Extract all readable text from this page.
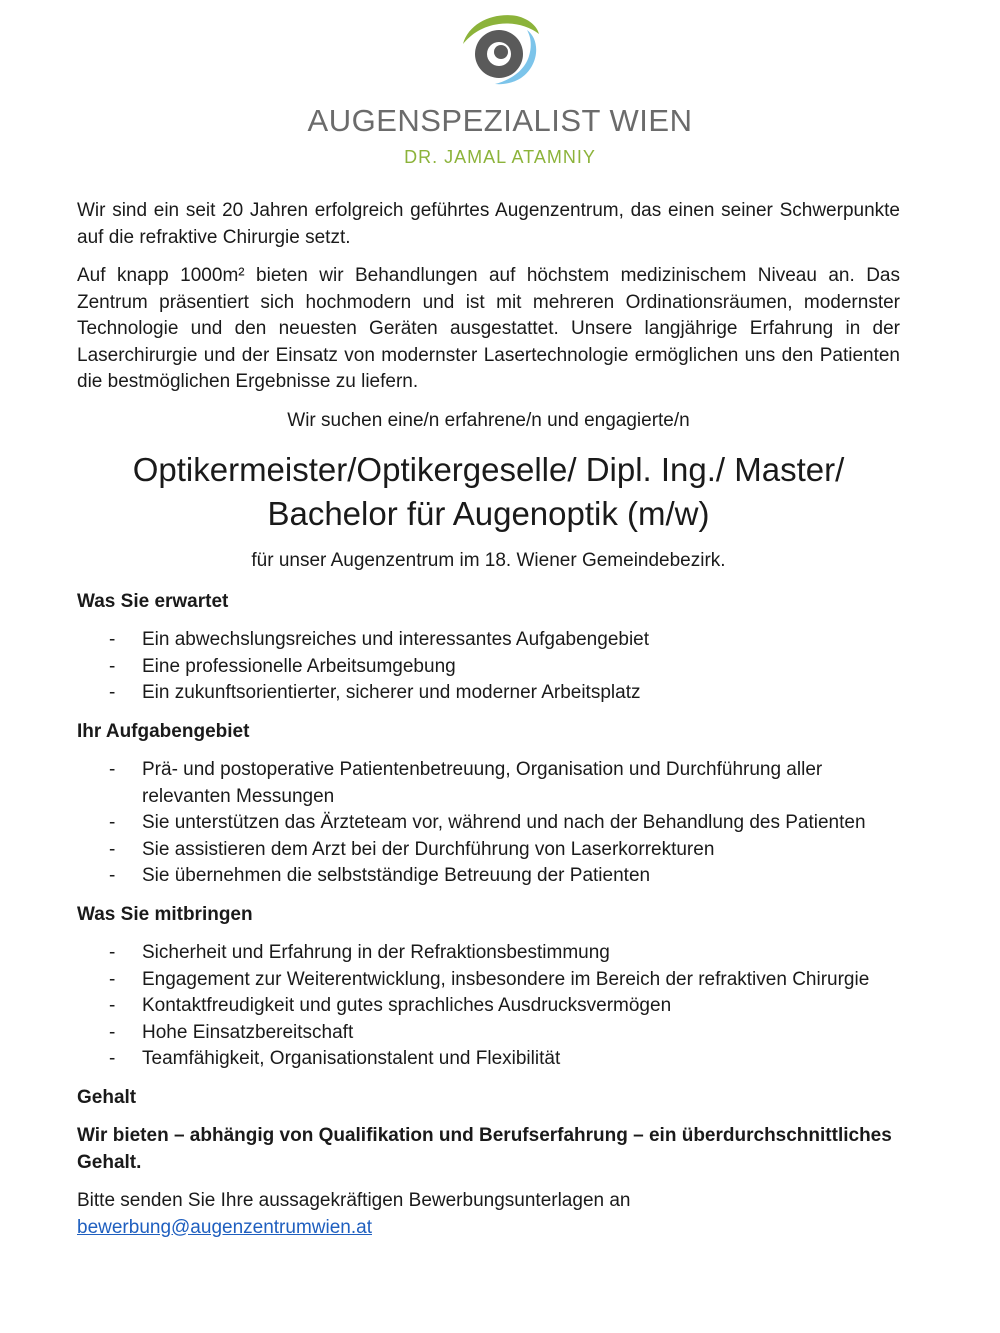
AUGENSPEZIALIST WIEN
DR. JAMAL ATAMNIY

Wir sind ein seit 20 Jahren erfolgreich geführtes Augenzentrum, das einen seiner Schwerpunkte auf die refraktive Chirurgie setzt.

Auf knapp 1000m² bieten wir Behandlungen auf höchstem medizinischem Niveau an. Das Zentrum präsentiert sich hochmodern und ist mit mehreren Ordinationsräumen, modernster Technologie und den neuesten Geräten ausgestattet. Unsere langjährige Erfahrung in der Laserchirurgie und der Einsatz von modernster Lasertechnologie ermöglichen uns den Patienten die bestmöglichen Ergebnisse zu liefern.

Wir suchen eine/n erfahrene/n und engagierte/n

Optikermeister/Optikergeselle/ Dipl. Ing./ Master/
Bachelor für Augenoptik (m/w)

für unser Augenzentrum im 18. Wiener Gemeindebezirk.

Was Sie erwartet
- Ein abwechslungsreiches und interessantes Aufgabengebiet
- Eine professionelle Arbeitsumgebung
- Ein zukunftsorientierter, sicherer und moderner Arbeitsplatz
Ihr Aufgabengebiet
- Prä- und postoperative Patientenbetreuung, Organisation und Durchführung aller relevanten Messungen
- Sie unterstützen das Ärzteteam vor, während und nach der Behandlung des Patienten
- Sie assistieren dem Arzt bei der Durchführung von Laserkorrekturen
- Sie übernehmen die selbstständige Betreuung der Patienten
Was Sie mitbringen
- Sicherheit und Erfahrung in der Refraktionsbestimmung
- Engagement zur Weiterentwicklung, insbesondere im Bereich der refraktiven Chirurgie
- Kontaktfreudigkeit und gutes sprachliches Ausdrucksvermögen
- Hohe Einsatzbereitschaft
- Teamfähigkeit, Organisationstalent und Flexibilität
Gehalt

Wir bieten – abhängig von Qualifikation und Berufserfahrung – ein überdurchschnittliches Gehalt.

Bitte senden Sie Ihre aussagekräftigen Bewerbungsunterlagen an
bewerbung@augenzentrumwien.at
